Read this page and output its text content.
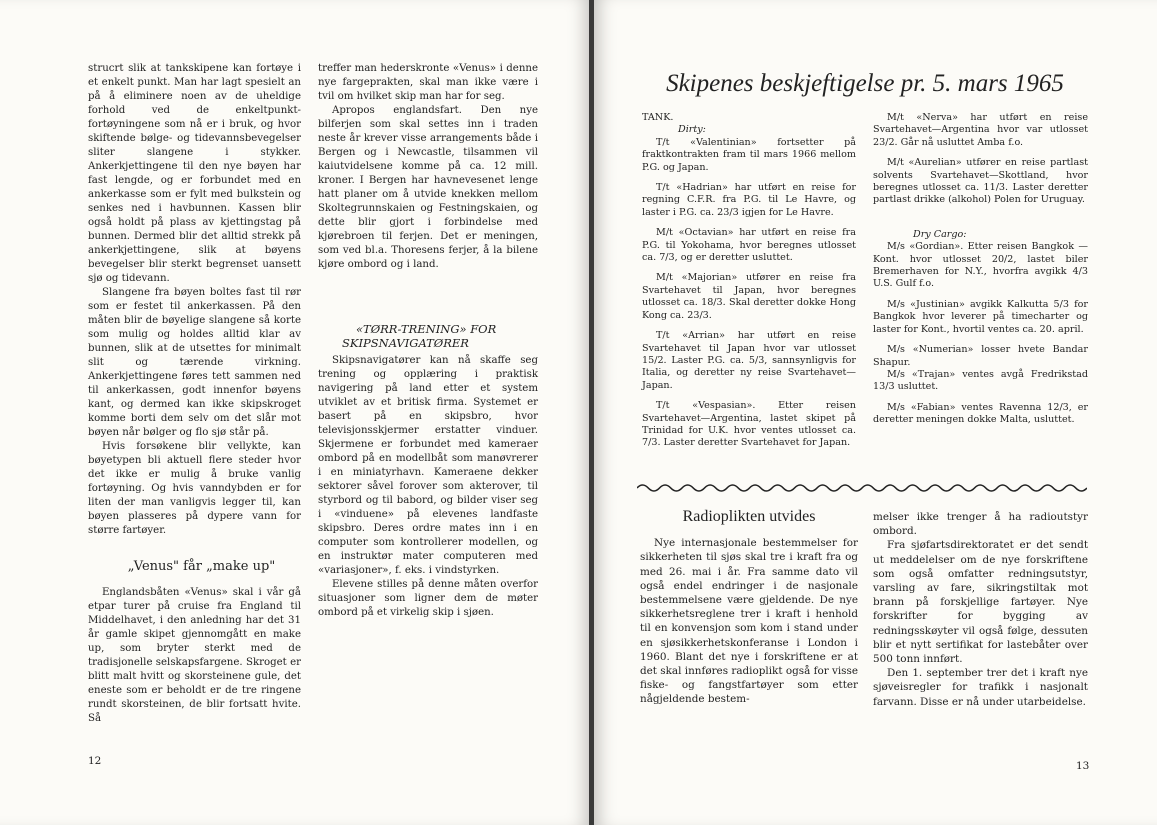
strucrt slik at tankskipene kan fortøye i et enkelt punkt. Man har lagt spesielt an på å eliminere noen av de uheldige forhold ved de enkeltpunkt-fortøyningene som nå er i bruk, og hvor skiftende bølge- og tidevannsbevegelser sliter slangene i stykker. Ankerkjettingene til den nye bøyen har fast lengde, og er forbundet med en ankerkasse som er fylt med bulkstein og senkes ned i havbunnen. Kassen blir også holdt på plass av kjettingstag på bunnen. Dermed blir det alltid strekk på ankerkjettingene, slik at bøyens bevegelser blir sterkt begrenset uansett sjø og tidevann.

Slangene fra bøyen boltes fast til rør som er festet til ankerkassen. På den måten blir de bøyelige slangene så korte som mulig og holdes alltid klar av bunnen, slik at de utsettes for minimalt slit og tærende virkning. Ankerkjettingene føres tett sammen ned til ankerkassen, godt innenfor bøyens kant, og dermed kan ikke skipskroget komme borti dem selv om det slår mot bøyen når bølger og flo sjø står på.

Hvis forsøkene blir vellykte, kan bøyetypen bli aktuell flere steder hvor det ikke er mulig å bruke vanlig fortøyning. Og hvis vanndybden er for liten der man vanligvis legger til, kan bøyen plasseres på dypere vann for større fartøyer.

„Venus" får „make up"

Englandsbåten «Venus» skal i vår gå etpar turer på cruise fra England til Middelhavet, i den anledning har det 31 år gamle skipet gjennomgått en make up, som bryter sterkt med de tradisjonelle selskapsfargene. Skroget er blitt malt hvitt og skorsteinene gule, det eneste som er beholdt er de tre ringene rundt skorsteinen, de blir fortsatt hvite. Så

treffer man hederskronte «Venus» i denne nye fargeprakten, skal man ikke være i tvil om hvilket skip man har for seg.

Apropos englandsfart. Den nye bilferjen som skal settes inn i traden neste år krever visse arrangements både i Bergen og i Newcastle, tilsammen vil kaiutvidelsene komme på ca. 12 mill. kroner. I Bergen har havnevesenet lenge hatt planer om å utvide knekken mellom Skoltegrunnskaien og Festningskaien, og dette blir gjort i forbindelse med kjørebroen til ferjen. Det er meningen, som ved bl.a. Thoresens ferjer, å la bilene kjøre ombord og i land.

«TØRR-TRENING» FOR SKIPSNAVIGATØRER

Skipsnavigatører kan nå skaffe seg trening og opplæring i praktisk navigering på land etter et system utviklet av et britisk firma. Systemet er basert på en skipsbro, hvor televisjonsskjermer erstatter vinduer. Skjermene er forbundet med kameraer ombord på en modellbåt som manøvrerer i en miniatyrhavn. Kameraene dekker sektorer såvel forover som akterover, til styrbord og til babord, og bilder viser seg i «vinduene» på elevenes landfaste skipsbro. Deres ordre mates inn i en computer som kontrollerer modellen, og en instruktør mater computeren med «variasjoner», f. eks. i vindstyrken.

Elevene stilles på denne måten overfor situasjoner som ligner dem de møter ombord på et virkelig skip i sjøen.

12
Skipenes beskjeftigelse pr. 5. mars 1965

TANK.

Dirty:

T/t «Valentinian» fortsetter på fraktkontrakten fram til mars 1966 mellom P.G. og Japan.

T/t «Hadrian» har utført en reise for regning C.F.R. fra P.G. til Le Havre, og laster i P.G. ca. 23/3 igjen for Le Havre.

M/t «Octavian» har utført en reise fra P.G. til Yokohama, hvor beregnes utlosset ca. 7/3, og er deretter usluttet.

M/t «Majorian» utfører en reise fra Svartehavet til Japan, hvor beregnes utlosset ca. 18/3. Skal deretter dokke Hong Kong ca. 23/3.

T/t «Arrian» har utført en reise Svartehavet til Japan hvor var utlosset 15/2. Laster P.G. ca. 5/3, sannsynligvis for Italia, og deretter ny reise Svartehavet—Japan.

T/t «Vespasian». Etter reisen Svartehavet—Argentina, lastet skipet på Trinidad for U.K. hvor ventes utlosset ca. 7/3. Laster deretter Svartehavet for Japan.

M/t «Nerva» har utført en reise Svartehavet—Argentina hvor var utlosset 23/2. Går nå usluttet Amba f.o.

M/t «Aurelian» utfører en reise partlast solvents Svartehavet—Skottland, hvor beregnes utlosset ca. 11/3. Laster deretter partlast drikke (alkohol) Polen for Uruguay.

Dry Cargo:

M/s «Gordian». Etter reisen Bangkok —Kont. hvor utlosset 20/2, lastet biler Bremerhaven for N.Y., hvorfra avgikk 4/3 U.S. Gulf f.o.

M/s «Justinian» avgikk Kalkutta 5/3 for Bangkok hvor leverer på timecharter og laster for Kont., hvortil ventes ca. 20. april.

M/s «Numerian» losser hvete Bandar Shapur.

M/s «Trajan» ventes avgå Fredrikstad 13/3 usluttet.

M/s «Fabian» ventes Ravenna 12/3, er deretter meningen dokke Malta, usluttet.

Radioplikten utvides

Nye internasjonale bestemmelser for sikkerheten til sjøs skal tre i kraft fra og med 26. mai i år. Fra samme dato vil også endel endringer i de nasjonale bestemmelsene være gjeldende. De nye sikkerhetsreglene trer i kraft i henhold til en konvensjon som kom i stand under en sjøsikkerhetskonferanse i London i 1960. Blant det nye i forskriftene er at det skal innføres radioplikt også for visse fiske- og fangstfartøyer som etter någjeldende bestem-

melser ikke trenger å ha radioutstyr ombord.

Fra sjøfartsdirektoratet er det sendt ut meddelelser om de nye forskriftene som også omfatter redningsutstyr, varsling av fare, sikringstiltak mot brann på forskjellige fartøyer. Nye forskrifter for bygging av redningsskøyter vil også følge, dessuten blir et nytt sertifikat for lastebåter over 500 tonn innført.

Den 1. september trer det i kraft nye sjøveisregler for trafikk i nasjonalt farvann. Disse er nå under utarbeidelse.

13
